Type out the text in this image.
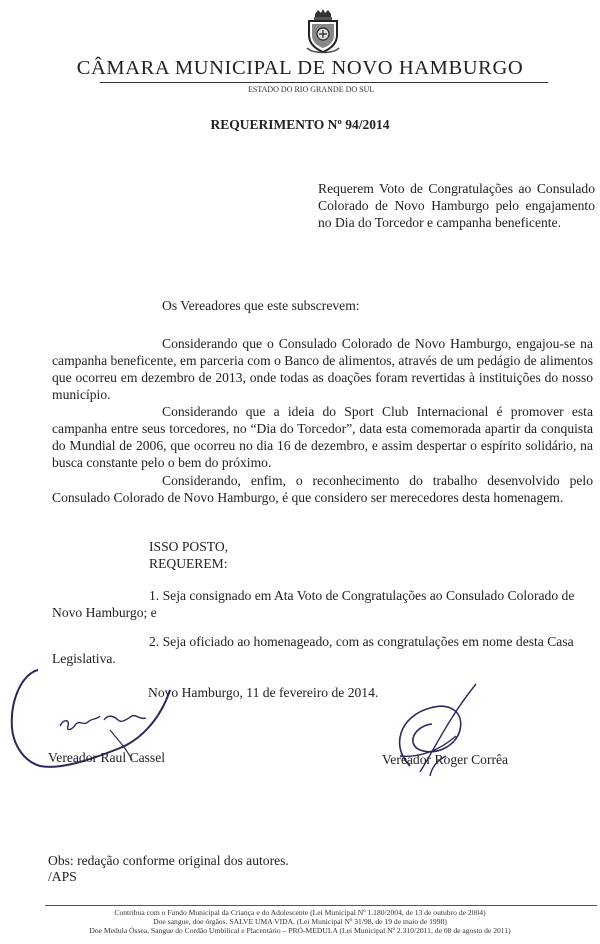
CÂMARA MUNICIPAL DE NOVO HAMBURGO
ESTADO DO RIO GRANDE DO SUL
REQUERIMENTO Nº 94/2014
Requerem Voto de Congratulações ao Consulado Colorado de Novo Hamburgo pelo engajamento no Dia do Torcedor e campanha beneficente.
Os Vereadores que este subscrevem:
Considerando que o Consulado Colorado de Novo Hamburgo, engajou-se na campanha beneficente, em parceria com o Banco de alimentos, através de um pedágio de alimentos que ocorreu em dezembro de 2013, onde todas as doações foram revertidas à instituições do nosso município.
Considerando que a ideia do Sport Club Internacional é promover esta campanha entre seus torcedores, no “Dia do Torcedor”, data esta comemorada apartir da conquista do Mundial de 2006, que ocorreu no dia 16 de dezembro, e assim despertar o espírito solidário, na busca constante pelo o bem do próximo.
Considerando, enfim, o reconhecimento do trabalho desenvolvido pelo Consulado Colorado de Novo Hamburgo, é que considero ser merecedores desta homenagem.
ISSO POSTO,
REQUEREM:
1. Seja consignado em Ata Voto de Congratulações ao Consulado Colorado de Novo Hamburgo; e
2. Seja oficiado ao homenageado, com as congratulações em nome desta Casa Legislativa.
Novo Hamburgo, 11 de fevereiro de 2014.
Vereador Raul Cassel	Vereador Roger Corrêa
Obs: redação conforme original dos autores.
/APS
Contribua com o Fundo Municipal da Criança e do Adolescente (Lei Municipal Nº 1.180/2004, de 13 de outubro de 2004)
Doe sangue, doe órgãos. SALVE UMA VIDA. (Lei Municipal Nº 31/98, de 19 de maio de 1998)
Doe Medula Óssea, Sangue do Cordão Umbilical e Placentário – PRÓ-MEDULA (Lei Municipal Nº 2.310/2011, de 08 de agosto de 2011)
